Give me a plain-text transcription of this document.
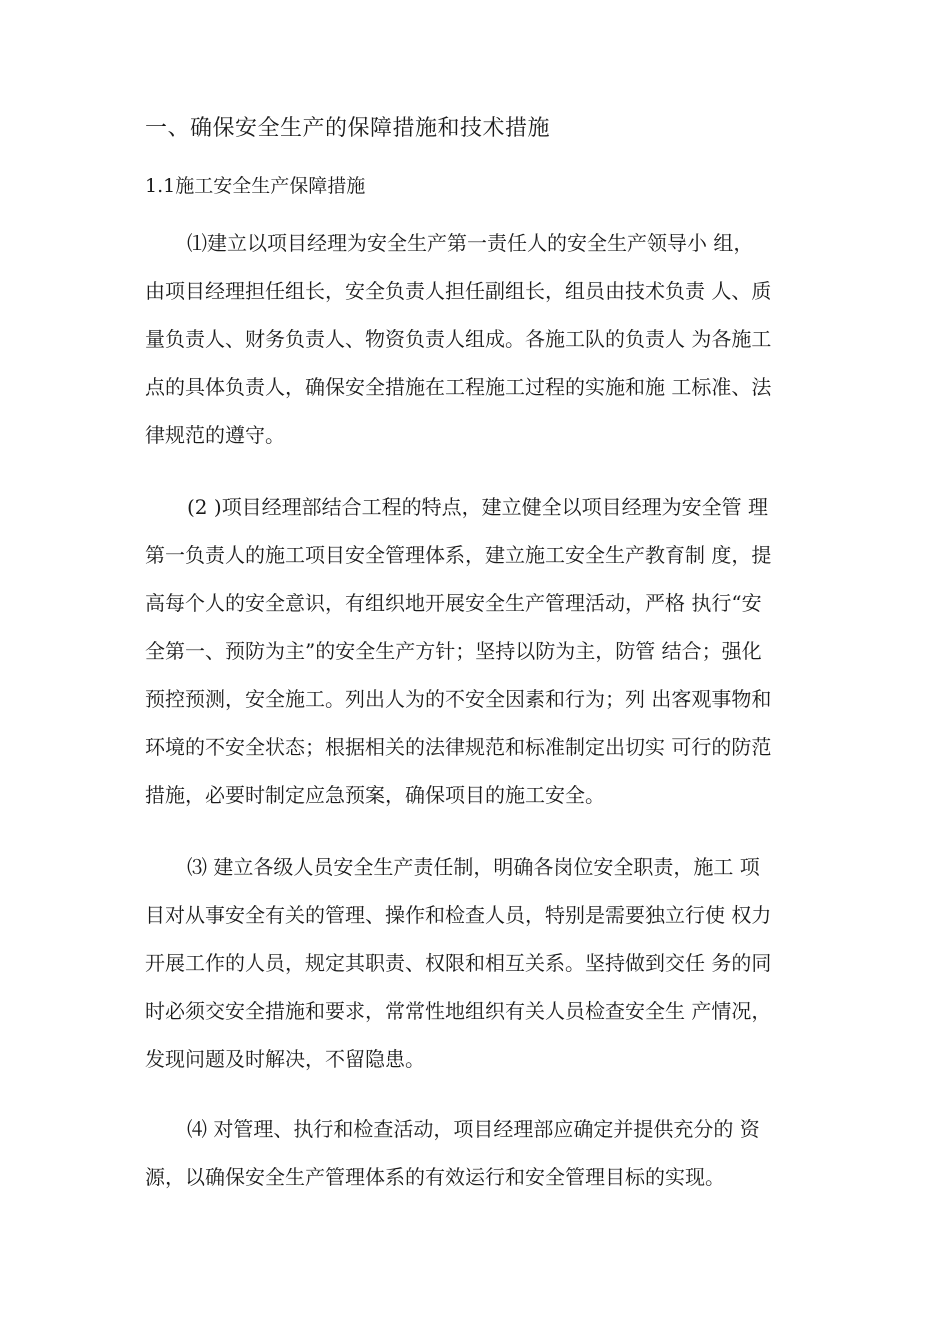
一、确保安全生产的保障措施和技术措施
1.1施工安全生产保障措施
⑴建立以项目经理为安全生产第一责任人的安全生产领导小 组，
由项目经理担任组长，安全负责人担任副组长，组员由技术负责 人、质
量负责人、财务负责人、物资负责人组成。各施工队的负责人 为各施工
点的具体负责人，确保安全措施在工程施工过程的实施和施 工标准、法
律规范的遵守。
(2 )项目经理部结合工程的特点，建立健全以项目经理为安全管 理
第一负责人的施工项目安全管理体系，建立施工安全生产教育制 度，提
高每个人的安全意识，有组织地开展安全生产管理活动，严格 执行“安
全第一、预防为主”的安全生产方针；坚持以防为主，防管 结合；强化
预控预测，安全施工。列出人为的不安全因素和行为；列 出客观事物和
环境的不安全状态；根据相关的法律规范和标准制定出切实 可行的防范
措施，必要时制定应急预案，确保项目的施工安全。
⑶ 建立各级人员安全生产责任制，明确各岗位安全职责，施工 项
目对从事安全有关的管理、操作和检查人员，特别是需要独立行使 权力
开展工作的人员，规定其职责、权限和相互关系。坚持做到交任 务的同
时必须交安全措施和要求，常常性地组织有关人员检查安全生 产情况，
发现问题及时解决，不留隐患。
⑷ 对管理、执行和检查活动，项目经理部应确定并提供充分的 资
源，以确保安全生产管理体系的有效运行和安全管理目标的实现。
